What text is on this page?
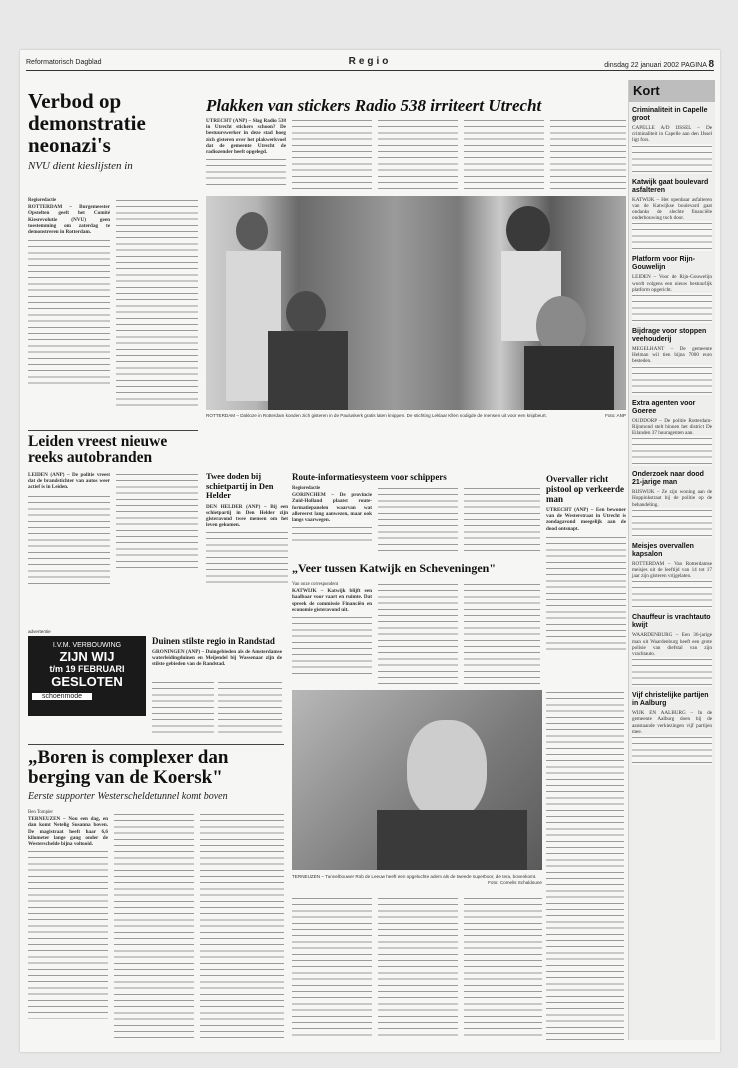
Reformatorisch Dagblad	Regio	dinsdag 22 januari 2002 PAGINA 8
Verbod op demonstratie neonazi's
NVU dient kieslijsten in
Regioredactie
ROTTERDAM – Burgemeester Opstelten geeft het Comité Kiesrevolutie (NVU) geen toestemming om zaterdag te demonstreren in Rotterdam.
Plakken van stickers Radio 538 irriteert Utrecht
UTRECHT (ANP) – Slag Radio 538 in Utrecht stickers schoon? De bestuurswerker in deze stad hoeg zich gisteren over het plakwerkvoel dat de gemeente Utrecht de radiozender heeft opgelegd.
ROTTERDAM – Dakloze in Rotterdam konden zich gisteren in de Pauluskerk gratis laten knippen. De stichting Leklaar Kllen nodigde de mensen uit voor een knipbeurt.	Foto: ANP
Leiden vreest nieuwe reeks autobranden
LEIDEN (ANP) – De politie vreest dat de brandstichter van autos weer actief is in Leiden.
Twee doden bij schietpartij in Den Helder
DEN HELDER (ANP) – Bij een schietpartij in Den Helder zijn gisteravond twee mensen om het leven gekomen.
Route-informatiesysteem voor schippers
Regioredactie
GORINCHEM – De provincie Zuid-Holland plaatst route-formatiepanelen waarvan wat allereerst lang aanwezen, maar ook langs vaarwegen.
Overvaller richt pistool op verkeerde man
UTRECHT (ANP) – Een bewoner van de Westerstraat in Utrecht is zondagavond meegelijk aan de dood ontsnapt.
„Veer tussen Katwijk en Scheveningen"
Van onze correspondent
KATWIJK – Katwijk blijft een haalbaar voor vaart en ruimte. Dat spreek de commissie Financiën en economie gisteravond uit.
Duinen stilste regio in Randstad
GRONINGEN (ANP) – Duingebieden als de Amsterdamse waterleidingduinen en Meijendel bij Wassenaar zijn de stilste gebieden van de Randstad.
advertentie
I.V.M. VERBOUWING
ZIJN WIJ
t/m 19 FEBRUARI
GESLOTEN
schoenmode
„Boren is complexer dan berging van de Koersk"
Eerste supporter Westerscheldetunnel komt boven
Ben Tompier
TERNEUZEN – Nou een dag, en dan komt Netelig Susanna boven. De magistraat heeft haar 6,6 kilometer lange gang onder de Westerschelde bijna voltooid.
TERNEUZEN – Tunnelbouwer Rob de Leeuw heeft een opgeluchte adem als de tweede superboor, de tera, bovenkomt.
Foto: Comelis Schaldoune
Kort
Criminaliteit in Capelle groot
CAPELLE A/D IJSSEL – De criminaliteit in Capelle aan den IJssel ligt fors.
Katwijk gaat boulevard asfalteren
KATWIJK – Het openbaar asfalteren van de Katwijkse boulevard gaat ondanks de slechte financiële onderbouwing toch door.
Platform voor Rijn-Gouwelijn
LEIDEN – Voor de Rijn-Gouwelijn wordt volgens een nieuw bestuurlijk platform opgericht.
Bijdrage voor stoppen veehouderij
MEGELHANT – De gemeente Helman wil tien bijna 7000 euro besteden.
Extra agenten voor Goeree
OUDDORP – De politie Rotterdam-Rijnmond stelt binnen het district De Eilanden 37 huuragenten aan.
Onderzoek naar dood 21-jarige man
RIJSWIJK – Ze zijn woning aan de Hoppinkstraat bij de politie op de behandeling.
Meisjes overvallen kapsalon
ROTTERDAM – Van Rotterdamse meisjes uit de leeftijd van 14 tot 17 jaar zijn gisteren vrijgelaten.
Chauffeur is vrachtauto kwijt
WAARDENBURG – Een 36-jarige man uit Waardenburg heeft een grote polisie van diefstal van zijn vrachtauto.
Vijf christelijke partijen in Aalburg
WIJK EN AALBURG – In de gemeente Aalburg doen bij de aanstaande verkiezingen vijf partijen mee.
